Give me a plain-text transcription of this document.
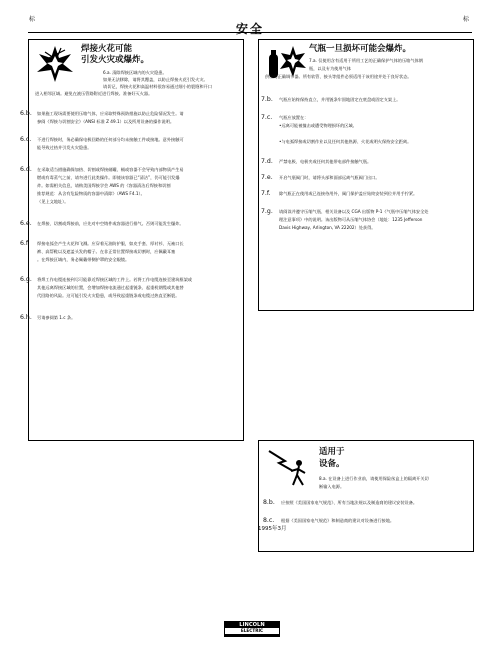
标	标
安全
焊接火花可能
引发火灾或爆炸。
6.a. 清除焊接区域内的火灾隐患。
如果无法移除，请将其覆盖，以防止焊接火花引发火灾。
请切记，焊接火花和高温材料很容易通过细小的裂缝和开口
进入相邻区域。避免在液压管路附近进行焊接。准备好灭火器。
6.b. 如果施工现场需要使用压缩气体，应采取特殊预防措施以防止危险情况发生。请
参阅《焊接与切割安全》（ANSI 标准 Z 49.1）以及所用设备的操作说明。
6.c. 不进行焊接时，务必确保电极回路的任何部分均未接触工件或接地。意外接触可
能导致过热并引发火灾隐患。
6.d. 在采取适当措施确保加热、切割或焊接储罐、桶或容器不会导致内部物质产生易
燃或有毒蒸气之前，请勿进行此类操作。即使该容器已“清洁”，仍可能引发爆
炸。如需相关信息，请购美国焊接学会 AWS 的《容器清洁后焊接和切割
推荐规范：从含有危险物质的容器中清除》（AWS F4.1）。
（见上文地址）。
6.e. 在焊接、切割或焊接前，应先对中空铸件或容器进行排气。否则可能发生爆炸。
6.f. 焊接电弧会产生火花和飞溅。应穿着无油防护服，如皮手套、厚衬衫、无袖口长
裤、高帮鞋以及遮盖头发的帽子。在非正常位置焊接或切割时，应佩戴耳塞
。在焊接区域内，务必佩戴带侧护罩的安全眼镜。
6.g. 将焊工作电缆连接到尽可能靠近焊接区域的工件上。若将工作电缆连接至建筑框架或
其他远离焊接区域的位置，会增加焊接电流通过起重链条、起重机钢缆或其他替
代回路的风险。这可能引发火灾隐患，或导致起重链条或电缆过热直至断裂。
6.h. 另请参阅第 1.c 条。
气瓶一旦损坏可能会爆炸。
7.a. 仅使用含有适用于所用工艺的正确保护气体的压缩气体钢
瓶，以及专为使用气体
供应的正确调节器。所有软管、接头等组件必须适用于该用途并处于良好状态。
7.b. 气瓶应始终保持直立，并用链条牢固地固定在底盘或固定支架上。
7.c. 气瓶应放置在：
•远离可能被撞击或遭受物理损坏的区域。
•与电弧焊接或切割作业以及任何其他热源、火花或明火保持安全距离。
7.d. 严禁电极、电极夹或任何其他带电部件接触气瓶。
7.e. 开启气瓶阀门时，请将头部和面部远离气瓶阀门出口。
7.f. 除气瓶正在使用或已连接待用外，阀门保护盖应始终安装到位并用手拧紧。
7.g. 请阅读并遵守压缩气瓶、相关设备以及 CGA 出版物 P-1《气瓶中压缩气体安全处
理注意事项》中的说明。该出版物可从压缩气体协会（地址：1235 Jefferson
Davis Highway, Arlington, VA 22202）处获得。
适用于
设备。
8.a. 在设备上进行作业前，请使用保险丝盒上的隔离开关切
断输入电源。
8.b. 应按照《美国国家电气规范》、所有当地法规以及制造商的建议安装设备。
8.c. 根据《美国国家电气规范》和制造商的建议对设备进行接地。
1995年3月
LINCOLN
ELECTRIC
